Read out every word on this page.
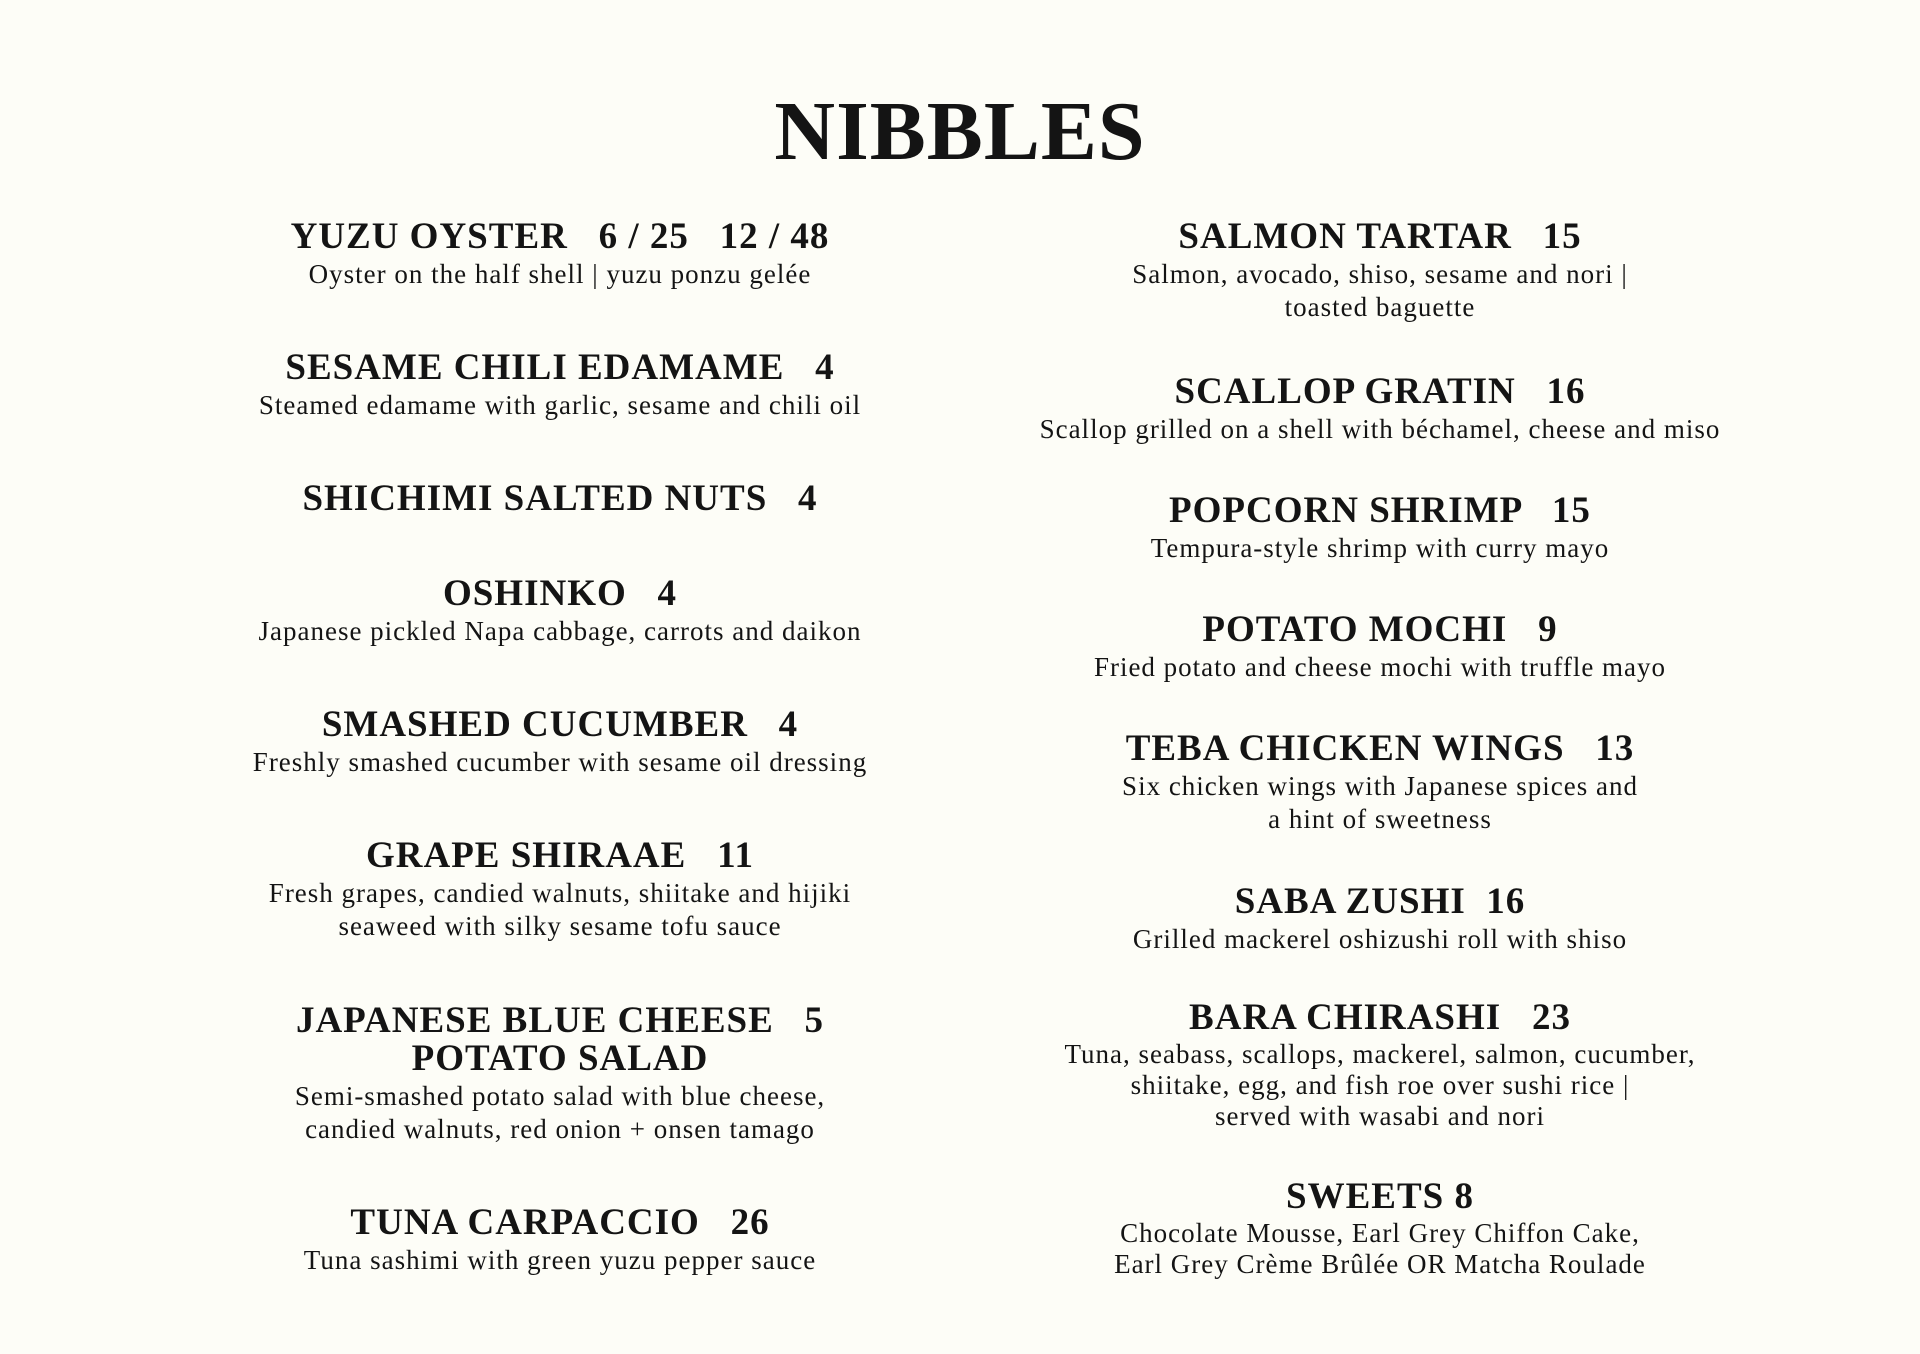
NIBBLES
YUZU OYSTER   6 / 25   12 / 48
Oyster on the half shell | yuzu ponzu gelée
SESAME CHILI EDAMAME   4
Steamed edamame with garlic, sesame and chili oil
SHICHIMI SALTED NUTS   4
OSHINKO   4
Japanese pickled Napa cabbage, carrots and daikon
SMASHED CUCUMBER   4
Freshly smashed cucumber with sesame oil dressing
GRAPE SHIRAAE   11
Fresh grapes, candied walnuts, shiitake and hijiki
seaweed with silky sesame tofu sauce
JAPANESE BLUE CHEESE   5
POTATO SALAD
Semi-smashed potato salad with blue cheese,
candied walnuts, red onion + onsen tamago
TUNA CARPACCIO   26
Tuna sashimi with green yuzu pepper sauce
SALMON TARTAR   15
Salmon, avocado, shiso, sesame and nori |
toasted baguette
SCALLOP GRATIN   16
Scallop grilled on a shell with béchamel, cheese and miso
POPCORN SHRIMP   15
Tempura-style shrimp with curry mayo
POTATO MOCHI   9
Fried potato and cheese mochi with truffle mayo
TEBA CHICKEN WINGS   13
Six chicken wings with Japanese spices and
a hint of sweetness
SABA ZUSHI  16
Grilled mackerel oshizushi roll with shiso
BARA CHIRASHI   23
Tuna, seabass, scallops, mackerel, salmon, cucumber,
shiitake, egg, and fish roe over sushi rice |
served with wasabi and nori
SWEETS 8
Chocolate Mousse, Earl Grey Chiffon Cake,
Earl Grey Crème Brûlée OR Matcha Roulade
